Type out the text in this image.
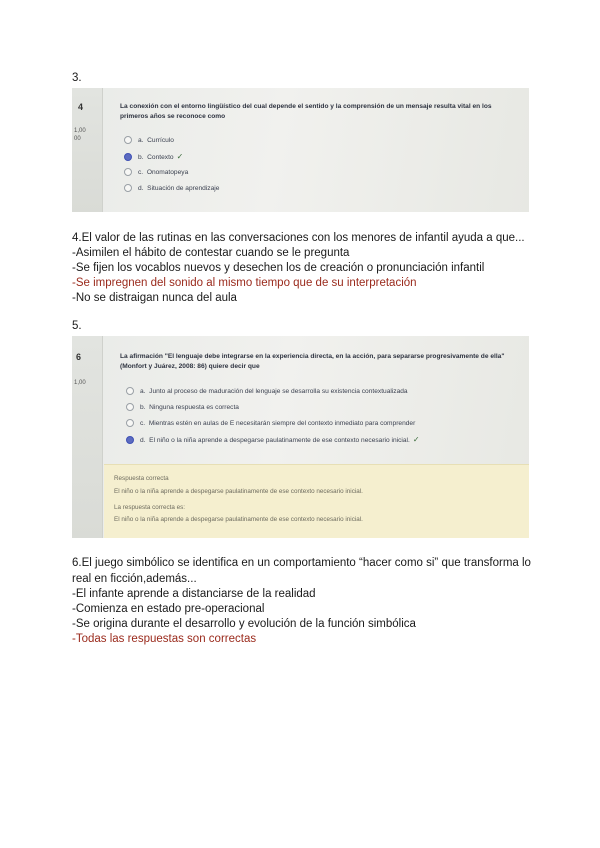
3.
4
1,00
00
La conexión con el entorno lingüístico del cual depende el sentido y la comprensión de un mensaje resulta vital en los primeros años se reconoce como
a. Currículo
b. Contexto ✓
c. Onomatopeya
d. Situación de aprendizaje
4.El valor de las rutinas en las conversaciones con los menores de infantil ayuda a que...
-Asimilen el hábito de contestar cuando se le pregunta
-Se fijen los vocablos nuevos y desechen los de creación o pronunciación infantil
-Se impregnen del sonido al mismo tiempo que de su interpretación
-No se distraigan nunca del aula
5.
6
1,00
La afirmación "El lenguaje debe integrarse en la experiencia directa, en la acción, para separarse progresivamente de ella" (Monfort y Juárez, 2008: 86) quiere decir que
a. Junto al proceso de maduración del lenguaje se desarrolla su existencia contextualizada
b. Ninguna respuesta es correcta
c. Mientras estén en aulas de E necesitarán siempre del contexto inmediato para comprender
d. El niño o la niña aprende a despegarse paulatinamente de ese contexto necesario inicial. ✓
Respuesta correcta
El niño o la niña aprende a despegarse paulatinamente de ese contexto necesario inicial.
La respuesta correcta es:
El niño o la niña aprende a despegarse paulatinamente de ese contexto necesario inicial.
6.El juego simbólico se identifica en un comportamiento “hacer como si” que transforma lo
real en ficción,además...
-El infante aprende a distanciarse de la realidad
-Comienza en estado pre-operacional
-Se origina durante el desarrollo y evolución de la función simbólica
-Todas las respuestas son correctas
